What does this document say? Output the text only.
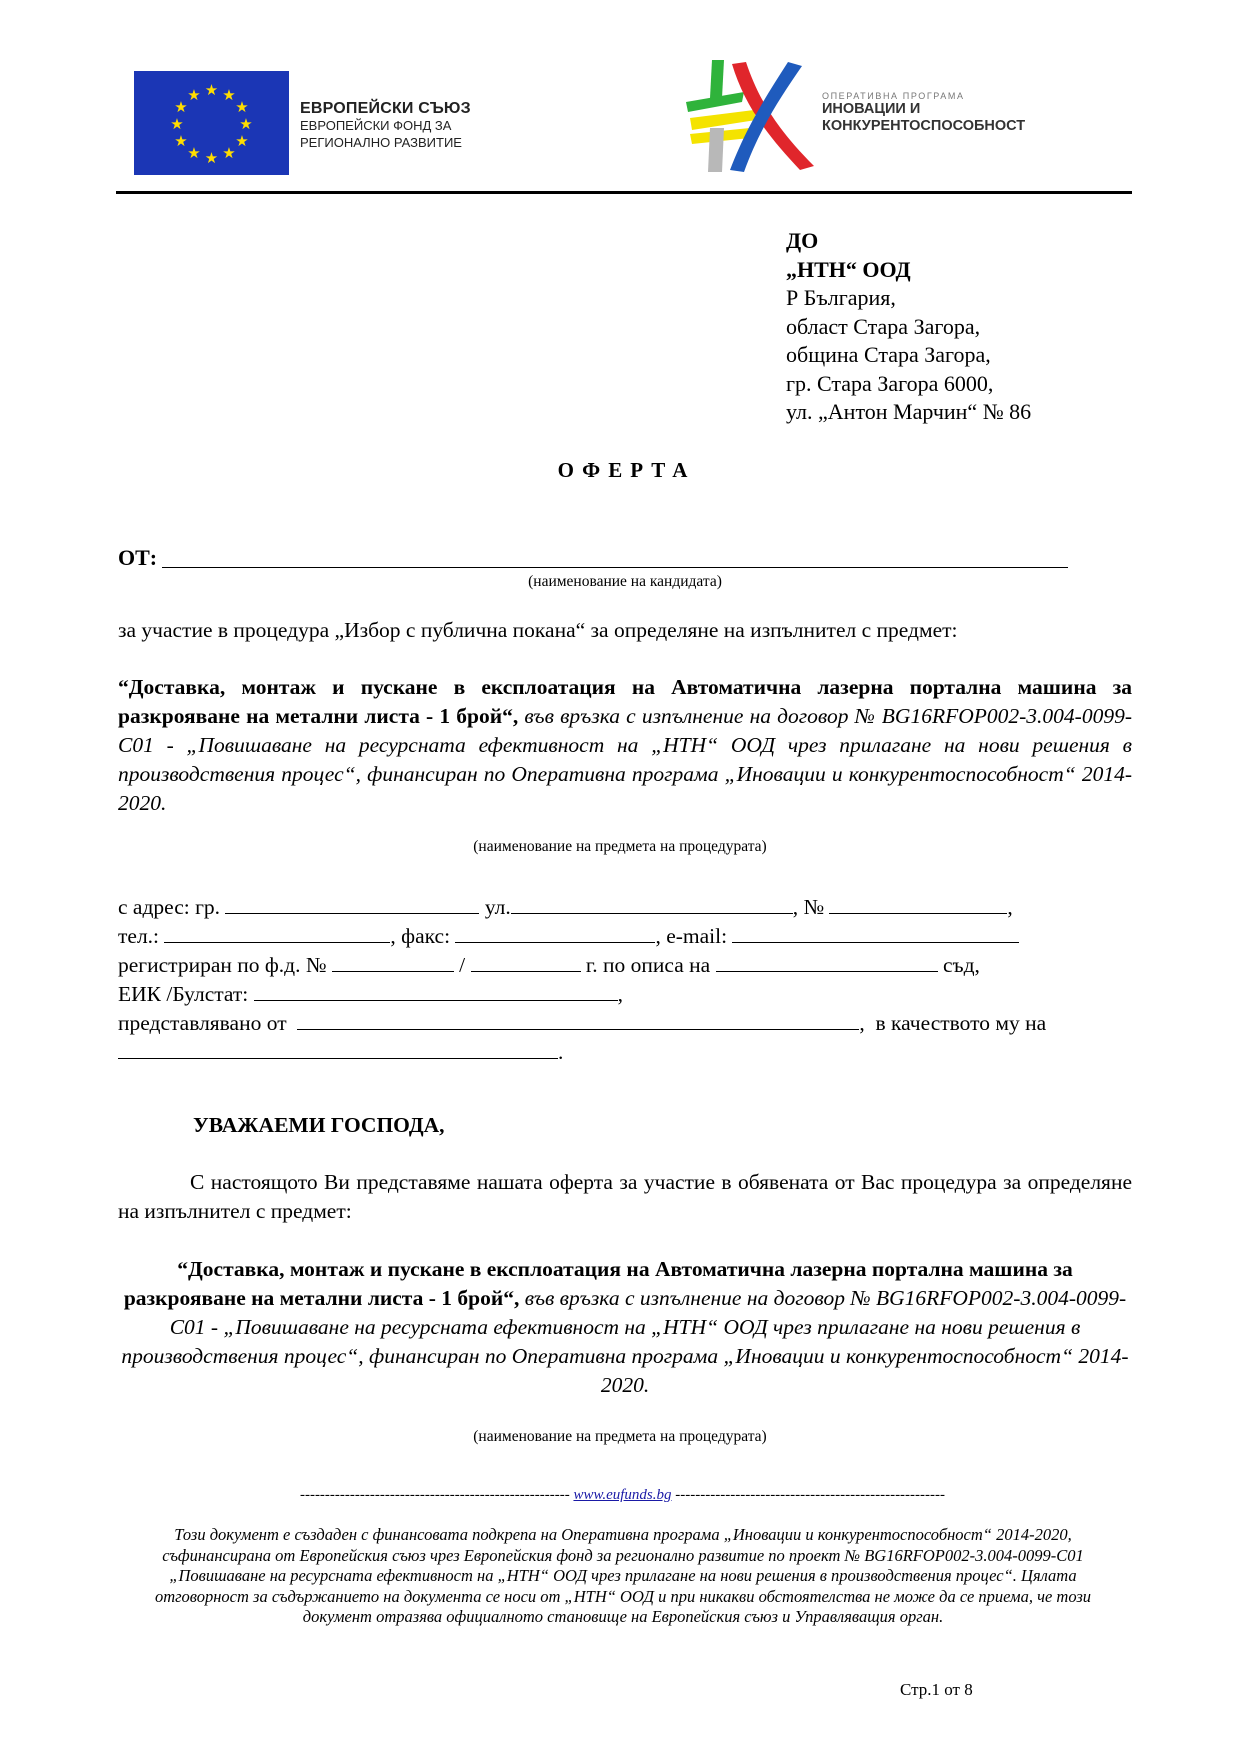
★ ★
★
★
★
★
★
★
★
★
★
★
ЕВРОПЕЙСКИ СЪЮЗ
ЕВРОПЕЙСКИ ФОНД ЗА
РЕГИОНАЛНО РАЗВИТИЕ
ОПЕРАТИВНА ПРОГРАМА
ИНОВАЦИИ И
КОНКУРЕНТОСПОСОБНОСТ
ДО
„НТН“ ООД
Р България,
област Стара Загора,
община Стара Загора,
гр. Стара Загора 6000,
ул. „Антон Марчин“ № 86
ОФЕРТА
ОТ:
(наименование на кандидата)
за участие в процедура „Избор с публична покана“ за определяне на изпълнител с предмет:
“Доставка, монтаж и пускане в експлоатация на Автоматична лазерна портална машина за разкрояване на метални листа - 1 брой“, във връзка с изпълнение на договор № BG16RFOP002-3.004-0099-C01 - „Повишаване на ресурсната ефективност на „НТН“ ООД чрез прилагане на нови решения в производствения процес“, финансиран по Оперативна програма „Иновации и конкурентоспособност“ 2014-2020.
(наименование на предмета на процедурата)
с адрес: гр.	ул.	, №	,
тел.:	, факс:	, e-mail:
регистриран по ф.д. №	/	г. по описа на	съд,
ЕИК /Булстат:	,
представлявано от	,  в качеството му на
.
УВАЖАЕМИ ГОСПОДА,
С настоящото Ви представяме нашата оферта за участие в обявената от Вас процедура за определяне на изпълнител с предмет:
“Доставка, монтаж и пускане в експлоатация на Автоматична лазерна портална машина за разкрояване на метални листа - 1 брой“, във връзка с изпълнение на договор № BG16RFOP002-3.004-0099-C01 - „Повишаване на ресурсната ефективност на „НТН“ ООД чрез прилагане на нови решения в производствения процес“, финансиран по Оперативна програма „Иновации и конкурентоспособност“ 2014-2020.
(наименование на предмета на процедурата)
------------------------------------------------------ www.eufunds.bg ------------------------------------------------------
Този документ е създаден с финансовата подкрепа на Оперативна програма „Иновации и конкурентоспособност“ 2014-2020, съфинансирана от Европейския съюз чрез Европейския фонд за регионално развитие по проект № BG16RFOP002-3.004-0099-C01 „Повишаване на ресурсната ефективност на „НТН“ ООД чрез прилагане на нови решения в производствения процес“. Цялата отговорност за съдържанието на документа се носи от „НТН“ ООД и при никакви обстоятелства не може да се приема, че този документ отразява официалното становище на Европейския съюз и Управляващия орган.
Стр.1 от 8
